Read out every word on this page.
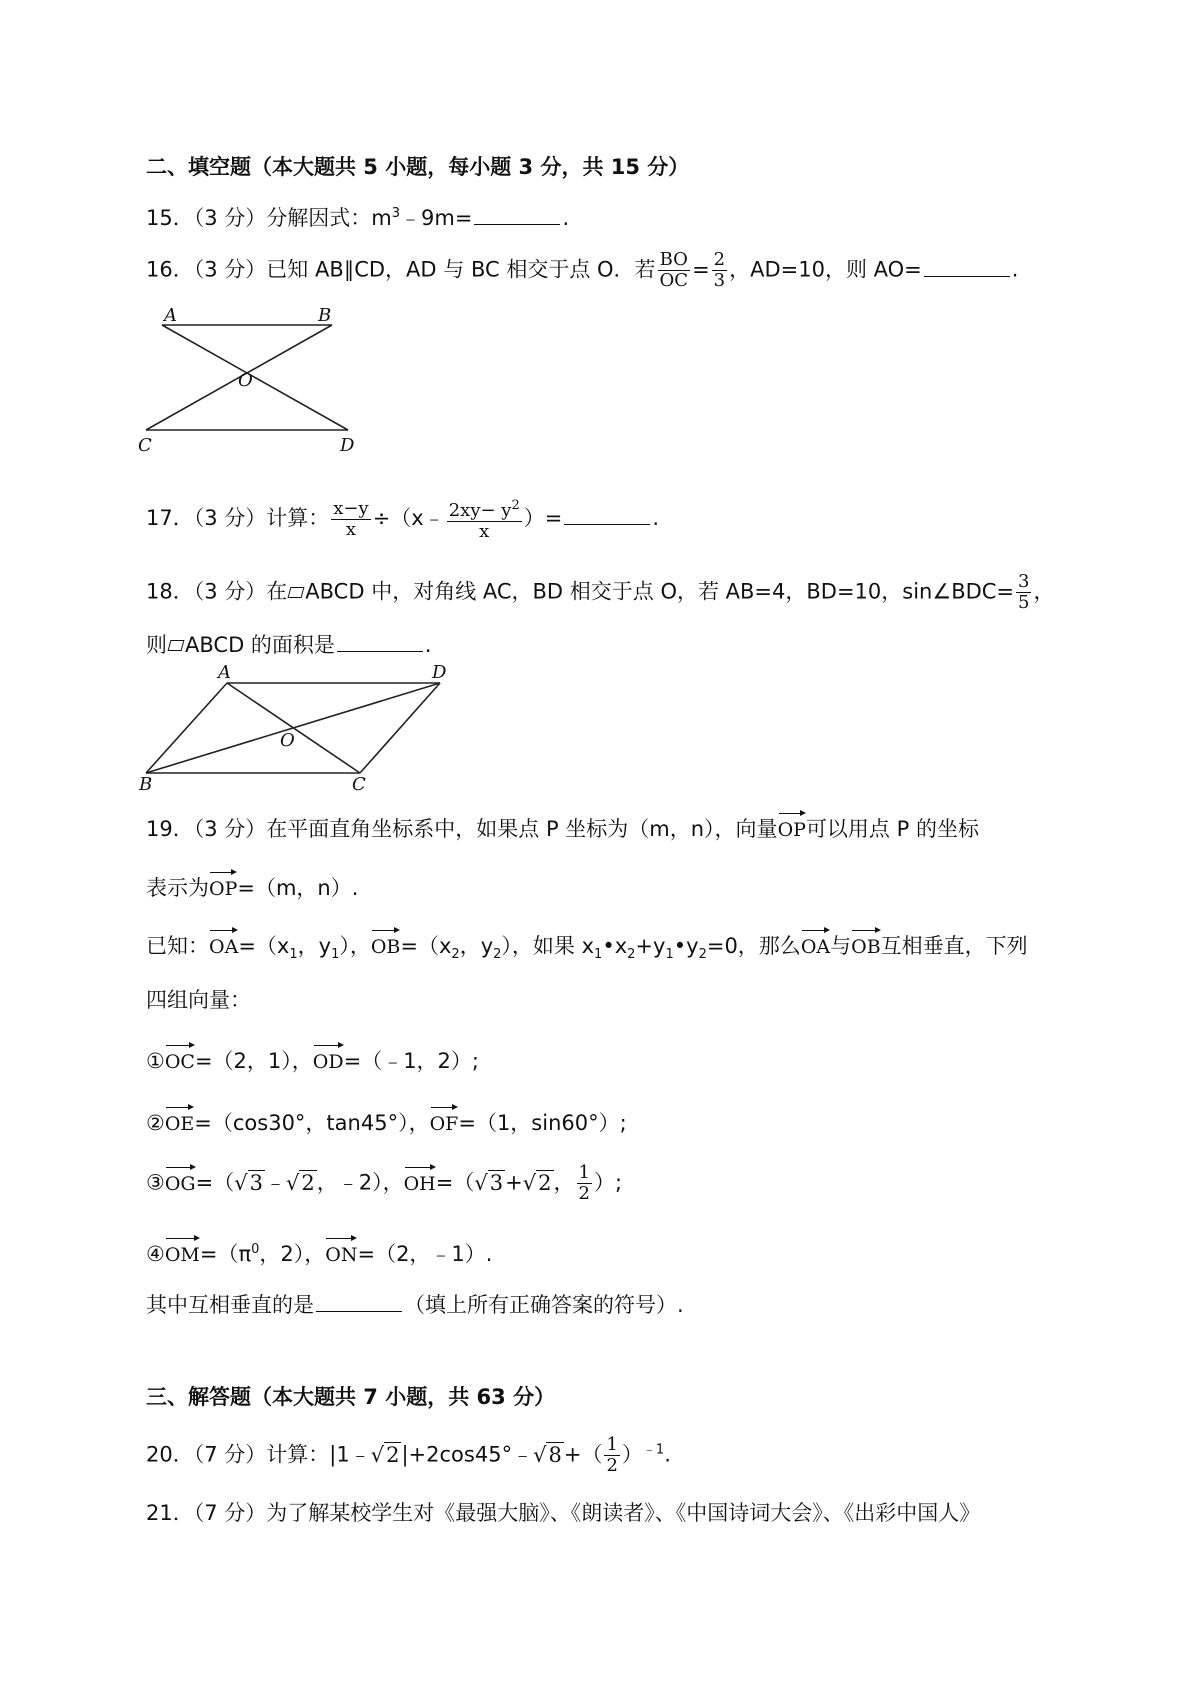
二、填空题（本大题共 5 小题，每小题 3 分，共 15 分）
15．（3 分）分解因式：$m^3﹣9m=$	.
16．（3 分）已知 AB∥CD，AD 与 BC 相交于点 O．若 $\frac{BO}{OC} = \frac{2}{3}$ ，AD=10，则 AO=	.
A	B
C	D
O
17．（3 分）计算： $\frac{x-y}{x}$ ÷（x﹣ $\frac{2xy- y^2}{x}$ ）=	.
18．（3 分）在 ABCD 中，对角线 AC，BD 相交于点 O，若 AB=4，BD=10，sin∠BDC= $\frac{3}{5}$ ，
则 ABCD 的面积是	.
A	D
B	C
O
19．（3 分）在平面直角坐标系中，如果点 P 坐标为（m，n），向量OP可以用点 P 的坐标
表示为OP=（m，n）.
已知：$OA=(x_1$，$y_1$），$OB=(x_2$，$y_2$），如果 $x_1•x_2+y_1•y_2=0$，那么OA与OB互相垂直，下列
四组向量：
①OC=（2，1），OD=（﹣1，2）;
②OE=（cos30°，tan45°），OF=（1，sin60°）;
③OG=（√3﹣√2，﹣2），OH=（√3+√2， $\frac{1}{2}$ ）;
$④OM=(\pi^0$，2），ON=（2，﹣1）.
其中互相垂直的是	（填上所有正确答案的符号）.
三、解答题（本大题共 7 小题，共 63 分）
20．（7 分）计算：|1﹣√2|+2cos45°﹣√8+（ $\frac{1}{2} )^{﹣1}$.
21．（7 分）为了解某校学生对《最强大脑》、《朗读者》、《中国诗词大会》、《出彩中国人》
